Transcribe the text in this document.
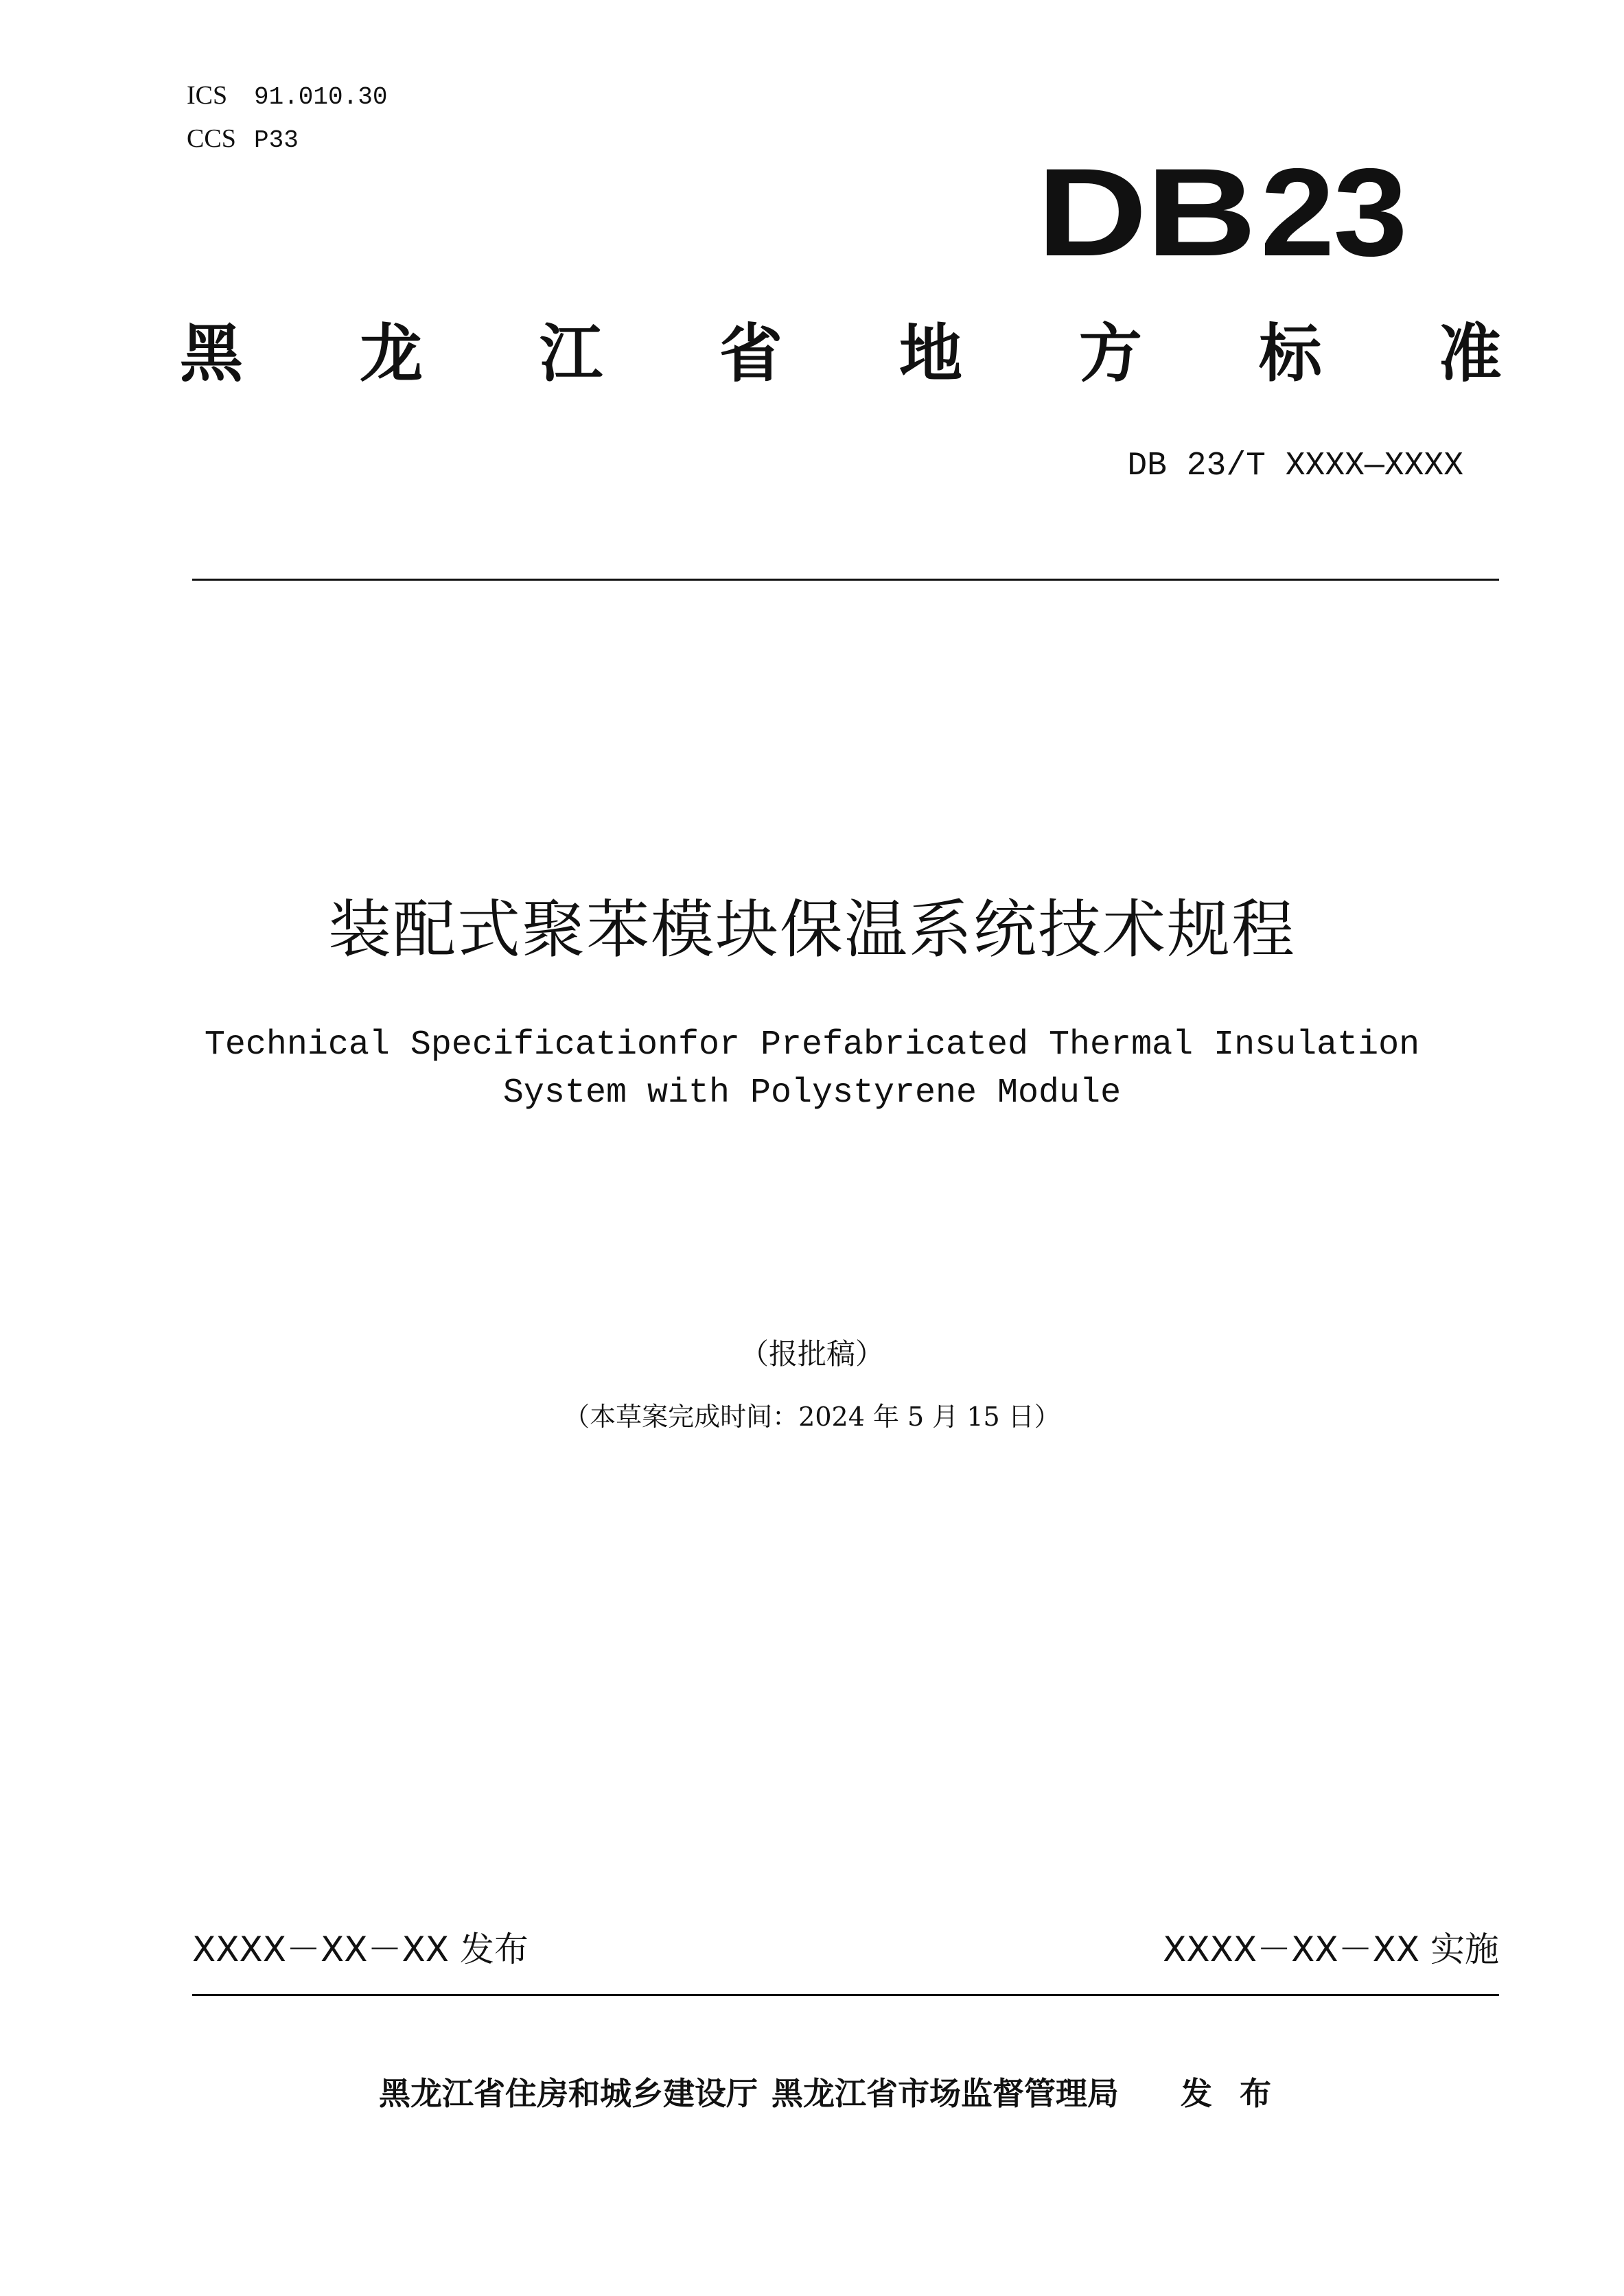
ICS 91.010.30
CCS P33
DB23
黑 龙 江 省 地 方 标 准
DB 23/T XXXX—XXXX
装配式聚苯模块保温系统技术规程
Technical Specificationfor Prefabricated Thermal Insulation
System with Polystyrene Module
（报批稿）
（本草案完成时间：2024 年 5 月 15 日）
XXXX－XX－XX 发布	XXXX－XX－XX 实施
黑龙江省住房和城乡建设厅 黑龙江省市场监督管理局 发布
